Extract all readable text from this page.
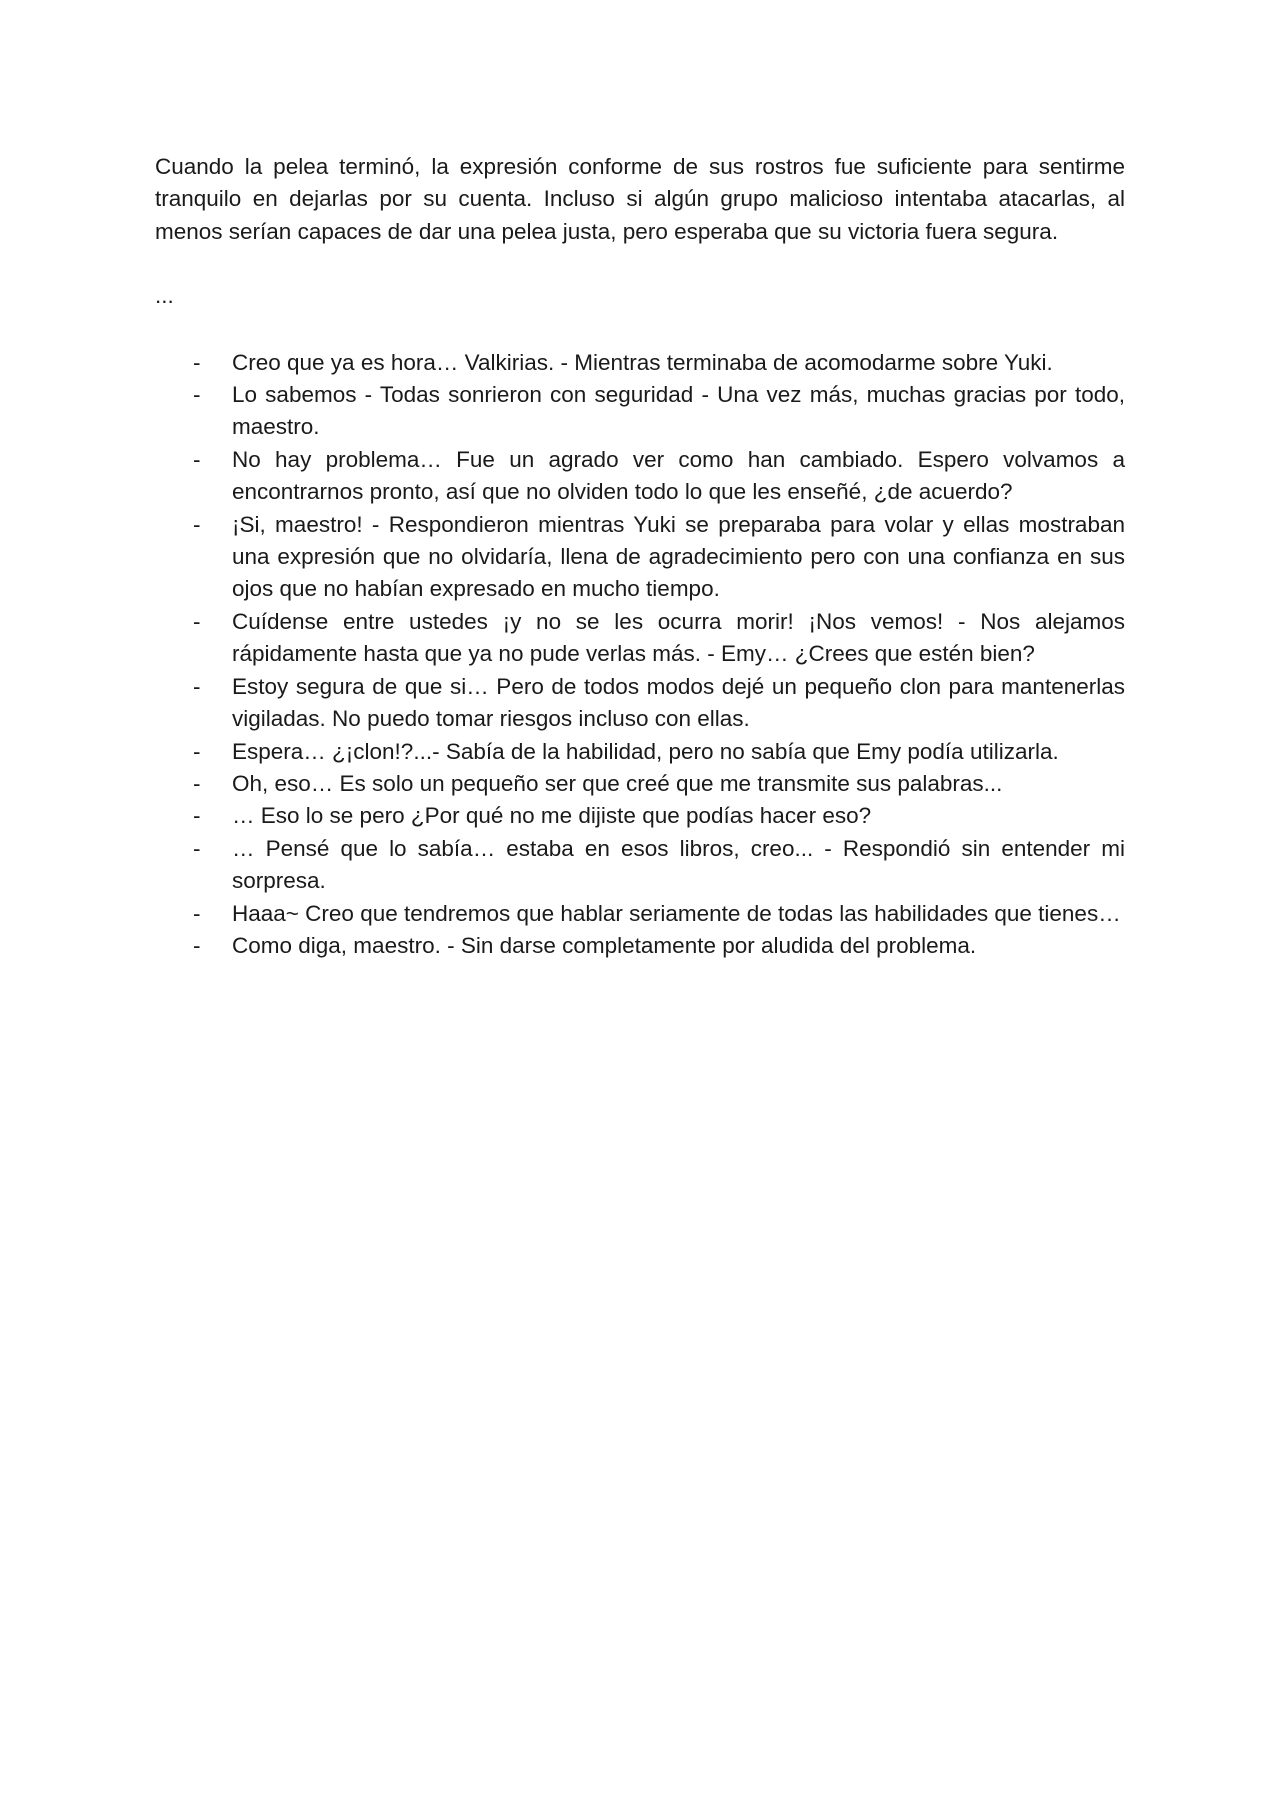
Cuando la pelea terminó, la expresión conforme de sus rostros fue suficiente para sentirme tranquilo en dejarlas por su cuenta. Incluso si algún grupo malicioso intentaba atacarlas, al menos serían capaces de dar una pelea justa, pero esperaba que su victoria fuera segura.

...

- Creo que ya es hora… Valkirias. - Mientras terminaba de acomodarme sobre Yuki.
- Lo sabemos - Todas sonrieron con seguridad - Una vez más, muchas gracias por todo, maestro.
- No hay problema… Fue un agrado ver como han cambiado. Espero volvamos a encontrarnos pronto, así que no olviden todo lo que les enseñé, ¿de acuerdo?
- ¡Si, maestro! - Respondieron mientras Yuki se preparaba para volar y ellas mostraban una expresión que no olvidaría, llena de agradecimiento pero con una confianza en sus ojos que no habían expresado en mucho tiempo.
- Cuídense entre ustedes ¡y no se les ocurra morir! ¡Nos vemos! - Nos alejamos rápidamente hasta que ya no pude verlas más. - Emy… ¿Crees que estén bien?
- Estoy segura de que si… Pero de todos modos dejé un pequeño clon para mantenerlas vigiladas. No puedo tomar riesgos incluso con ellas.
- Espera… ¿¡clon!?...- Sabía de la habilidad, pero no sabía que Emy podía utilizarla.
- Oh, eso… Es solo un pequeño ser que creé que me transmite sus palabras...
- … Eso lo se pero ¿Por qué no me dijiste que podías hacer eso?
- … Pensé que lo sabía… estaba en esos libros, creo... - Respondió sin entender mi sorpresa.
- Haaa~ Creo que tendremos que hablar seriamente de todas las habilidades que tienes…
- Como diga, maestro. - Sin darse completamente por aludida del problema.
